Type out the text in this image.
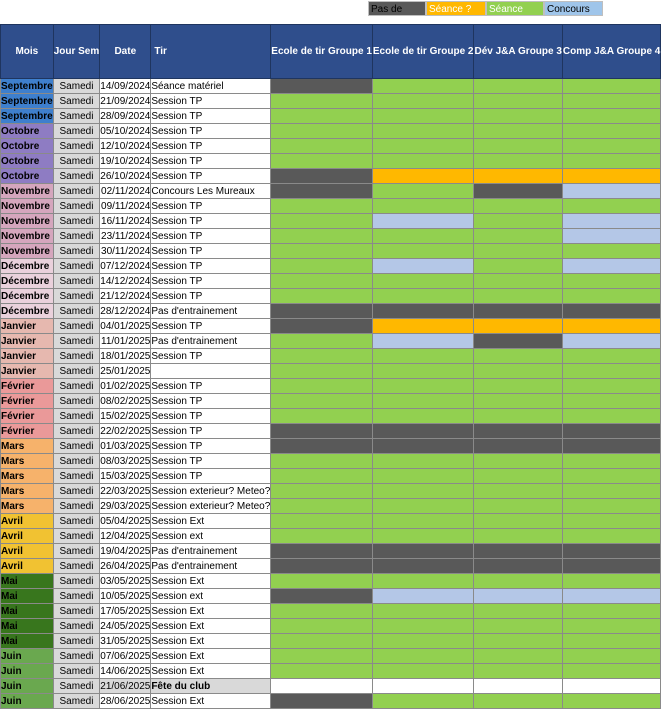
Pas de	Séance ?	Séance	Concours
Mois	Jour Sem	Date	Tir	Ecole de tir Groupe 1	Ecole de tir Groupe 2	Dév J&A Groupe 3	Comp J&A Groupe 4
Septembre	Samedi	14/09/2024	Séance matériel				
Septembre	Samedi	21/09/2024	Session TP				
Septembre	Samedi	28/09/2024	Session TP				
Octobre	Samedi	05/10/2024	Session TP				
Octobre	Samedi	12/10/2024	Session TP				
Octobre	Samedi	19/10/2024	Session TP				
Octobre	Samedi	26/10/2024	Session TP				
Novembre	Samedi	02/11/2024	Concours Les Mureaux				
Novembre	Samedi	09/11/2024	Session TP				
Novembre	Samedi	16/11/2024	Session TP				
Novembre	Samedi	23/11/2024	Session TP				
Novembre	Samedi	30/11/2024	Session TP				
Décembre	Samedi	07/12/2024	Session TP				
Décembre	Samedi	14/12/2024	Session TP				
Décembre	Samedi	21/12/2024	Session TP				
Décembre	Samedi	28/12/2024	Pas d'entrainement				
Janvier	Samedi	04/01/2025	Session TP				
Janvier	Samedi	11/01/2025	Pas d'entrainement				
Janvier	Samedi	18/01/2025	Session TP				
Janvier	Samedi	25/01/2025					
Février	Samedi	01/02/2025	Session TP				
Février	Samedi	08/02/2025	Session TP				
Février	Samedi	15/02/2025	Session TP				
Février	Samedi	22/02/2025	Session TP				
Mars	Samedi	01/03/2025	Session TP				
Mars	Samedi	08/03/2025	Session TP				
Mars	Samedi	15/03/2025	Session TP				
Mars	Samedi	22/03/2025	Session exterieur? Meteo?				
Mars	Samedi	29/03/2025	Session exterieur? Meteo?				
Avril	Samedi	05/04/2025	Session Ext				
Avril	Samedi	12/04/2025	Session ext				
Avril	Samedi	19/04/2025	Pas d'entrainement				
Avril	Samedi	26/04/2025	Pas d'entrainement				
Mai	Samedi	03/05/2025	Session Ext				
Mai	Samedi	10/05/2025	Session ext				
Mai	Samedi	17/05/2025	Session Ext				
Mai	Samedi	24/05/2025	Session Ext				
Mai	Samedi	31/05/2025	Session Ext				
Juin	Samedi	07/06/2025	Session Ext				
Juin	Samedi	14/06/2025	Session Ext				
Juin	Samedi	21/06/2025	Fête du club				
Juin	Samedi	28/06/2025	Session Ext				
